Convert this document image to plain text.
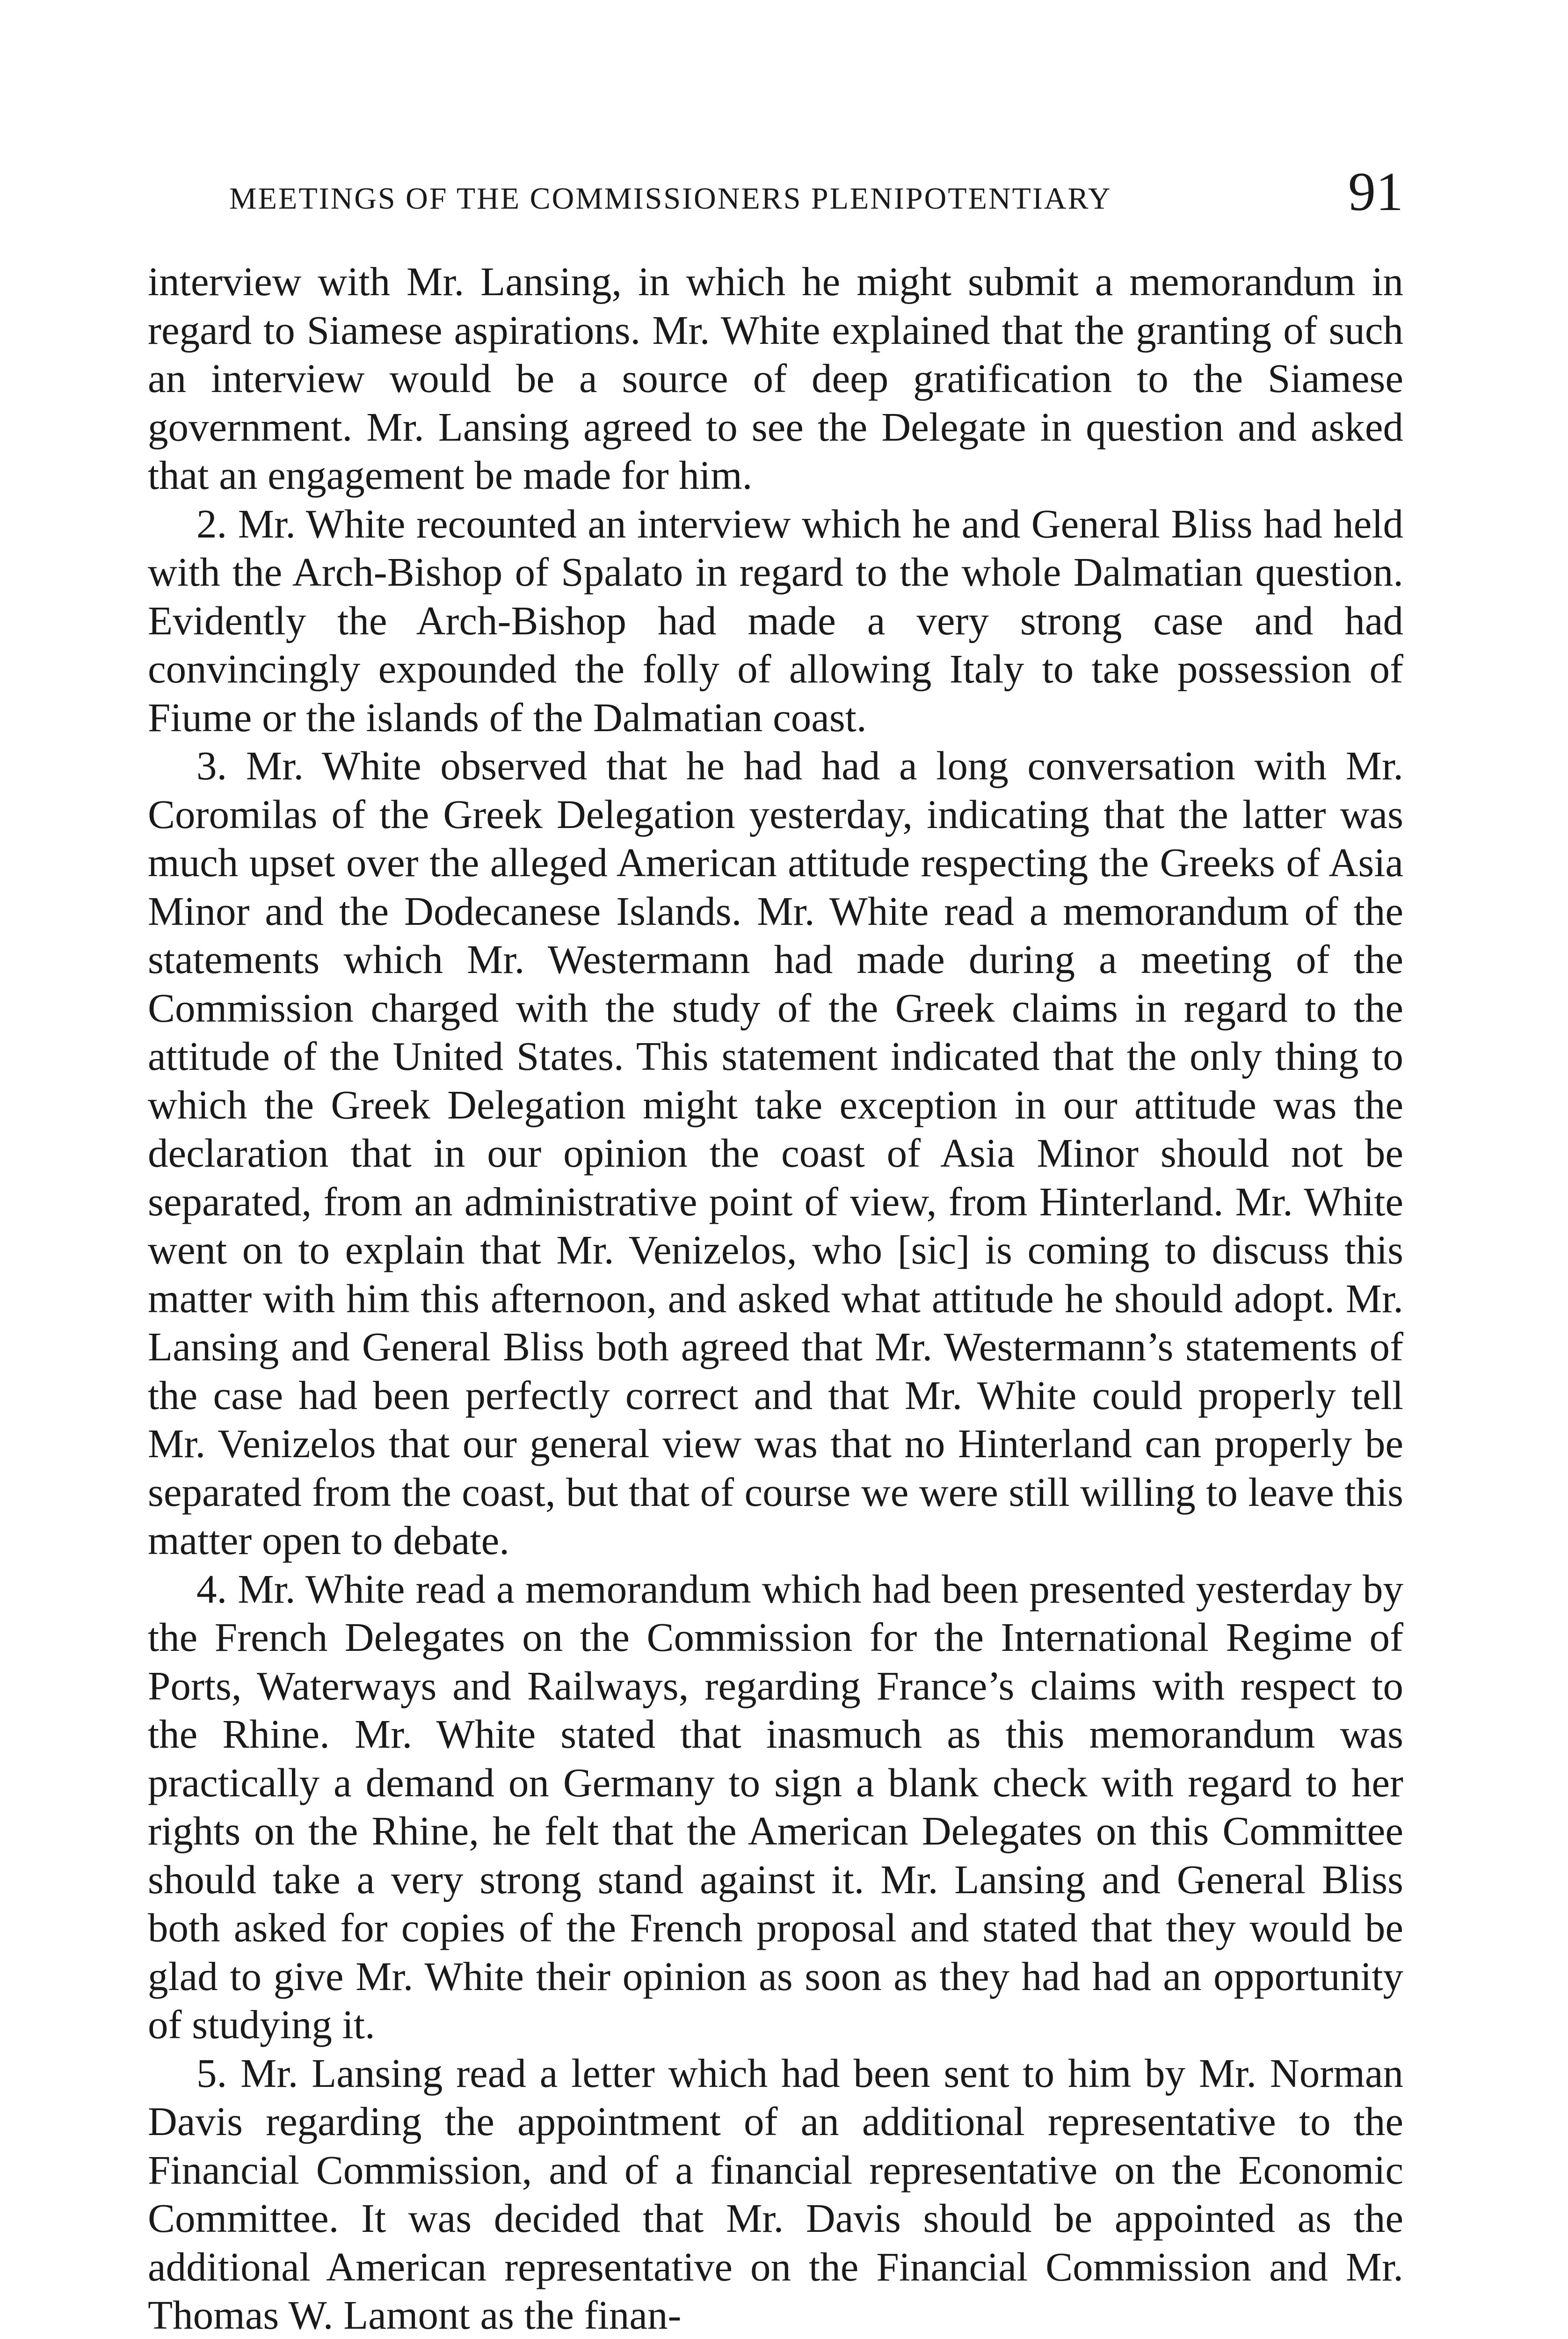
MEETINGS OF THE COMMISSIONERS PLENIPOTENTIARY	91

interview with Mr. Lansing, in which he might submit a memorandum in regard to Siamese aspirations. Mr. White explained that the granting of such an interview would be a source of deep gratification to the Siamese government. Mr. Lansing agreed to see the Delegate in question and asked that an engagement be made for him.

2. Mr. White recounted an interview which he and General Bliss had held with the Arch-Bishop of Spalato in regard to the whole Dalmatian question. Evidently the Arch-Bishop had made a very strong case and had convincingly expounded the folly of allowing Italy to take possession of Fiume or the islands of the Dalmatian coast.

3. Mr. White observed that he had had a long conversation with Mr. Coromilas of the Greek Delegation yesterday, indicating that the latter was much upset over the alleged American attitude respecting the Greeks of Asia Minor and the Dodecanese Islands. Mr. White read a memorandum of the statements which Mr. Westermann had made during a meeting of the Commission charged with the study of the Greek claims in regard to the attitude of the United States. This statement indicated that the only thing to which the Greek Delegation might take exception in our attitude was the declaration that in our opinion the coast of Asia Minor should not be separated, from an administrative point of view, from Hinterland. Mr. White went on to explain that Mr. Venizelos, who [sic] is coming to discuss this matter with him this afternoon, and asked what attitude he should adopt. Mr. Lansing and General Bliss both agreed that Mr. Westermann’s statements of the case had been perfectly correct and that Mr. White could properly tell Mr. Venizelos that our general view was that no Hinterland can properly be separated from the coast, but that of course we were still willing to leave this matter open to debate.

4. Mr. White read a memorandum which had been presented yesterday by the French Delegates on the Commission for the International Regime of Ports, Waterways and Railways, regarding France’s claims with respect to the Rhine. Mr. White stated that inasmuch as this memorandum was practically a demand on Germany to sign a blank check with regard to her rights on the Rhine, he felt that the American Delegates on this Committee should take a very strong stand against it. Mr. Lansing and General Bliss both asked for copies of the French proposal and stated that they would be glad to give Mr. White their opinion as soon as they had had an opportunity of studying it.

5. Mr. Lansing read a letter which had been sent to him by Mr. Norman Davis regarding the appointment of an additional representative to the Financial Commission, and of a financial representative on the Economic Committee. It was decided that Mr. Davis should be appointed as the additional American representative on the Financial Commission and Mr. Thomas W. Lamont as the finan-
